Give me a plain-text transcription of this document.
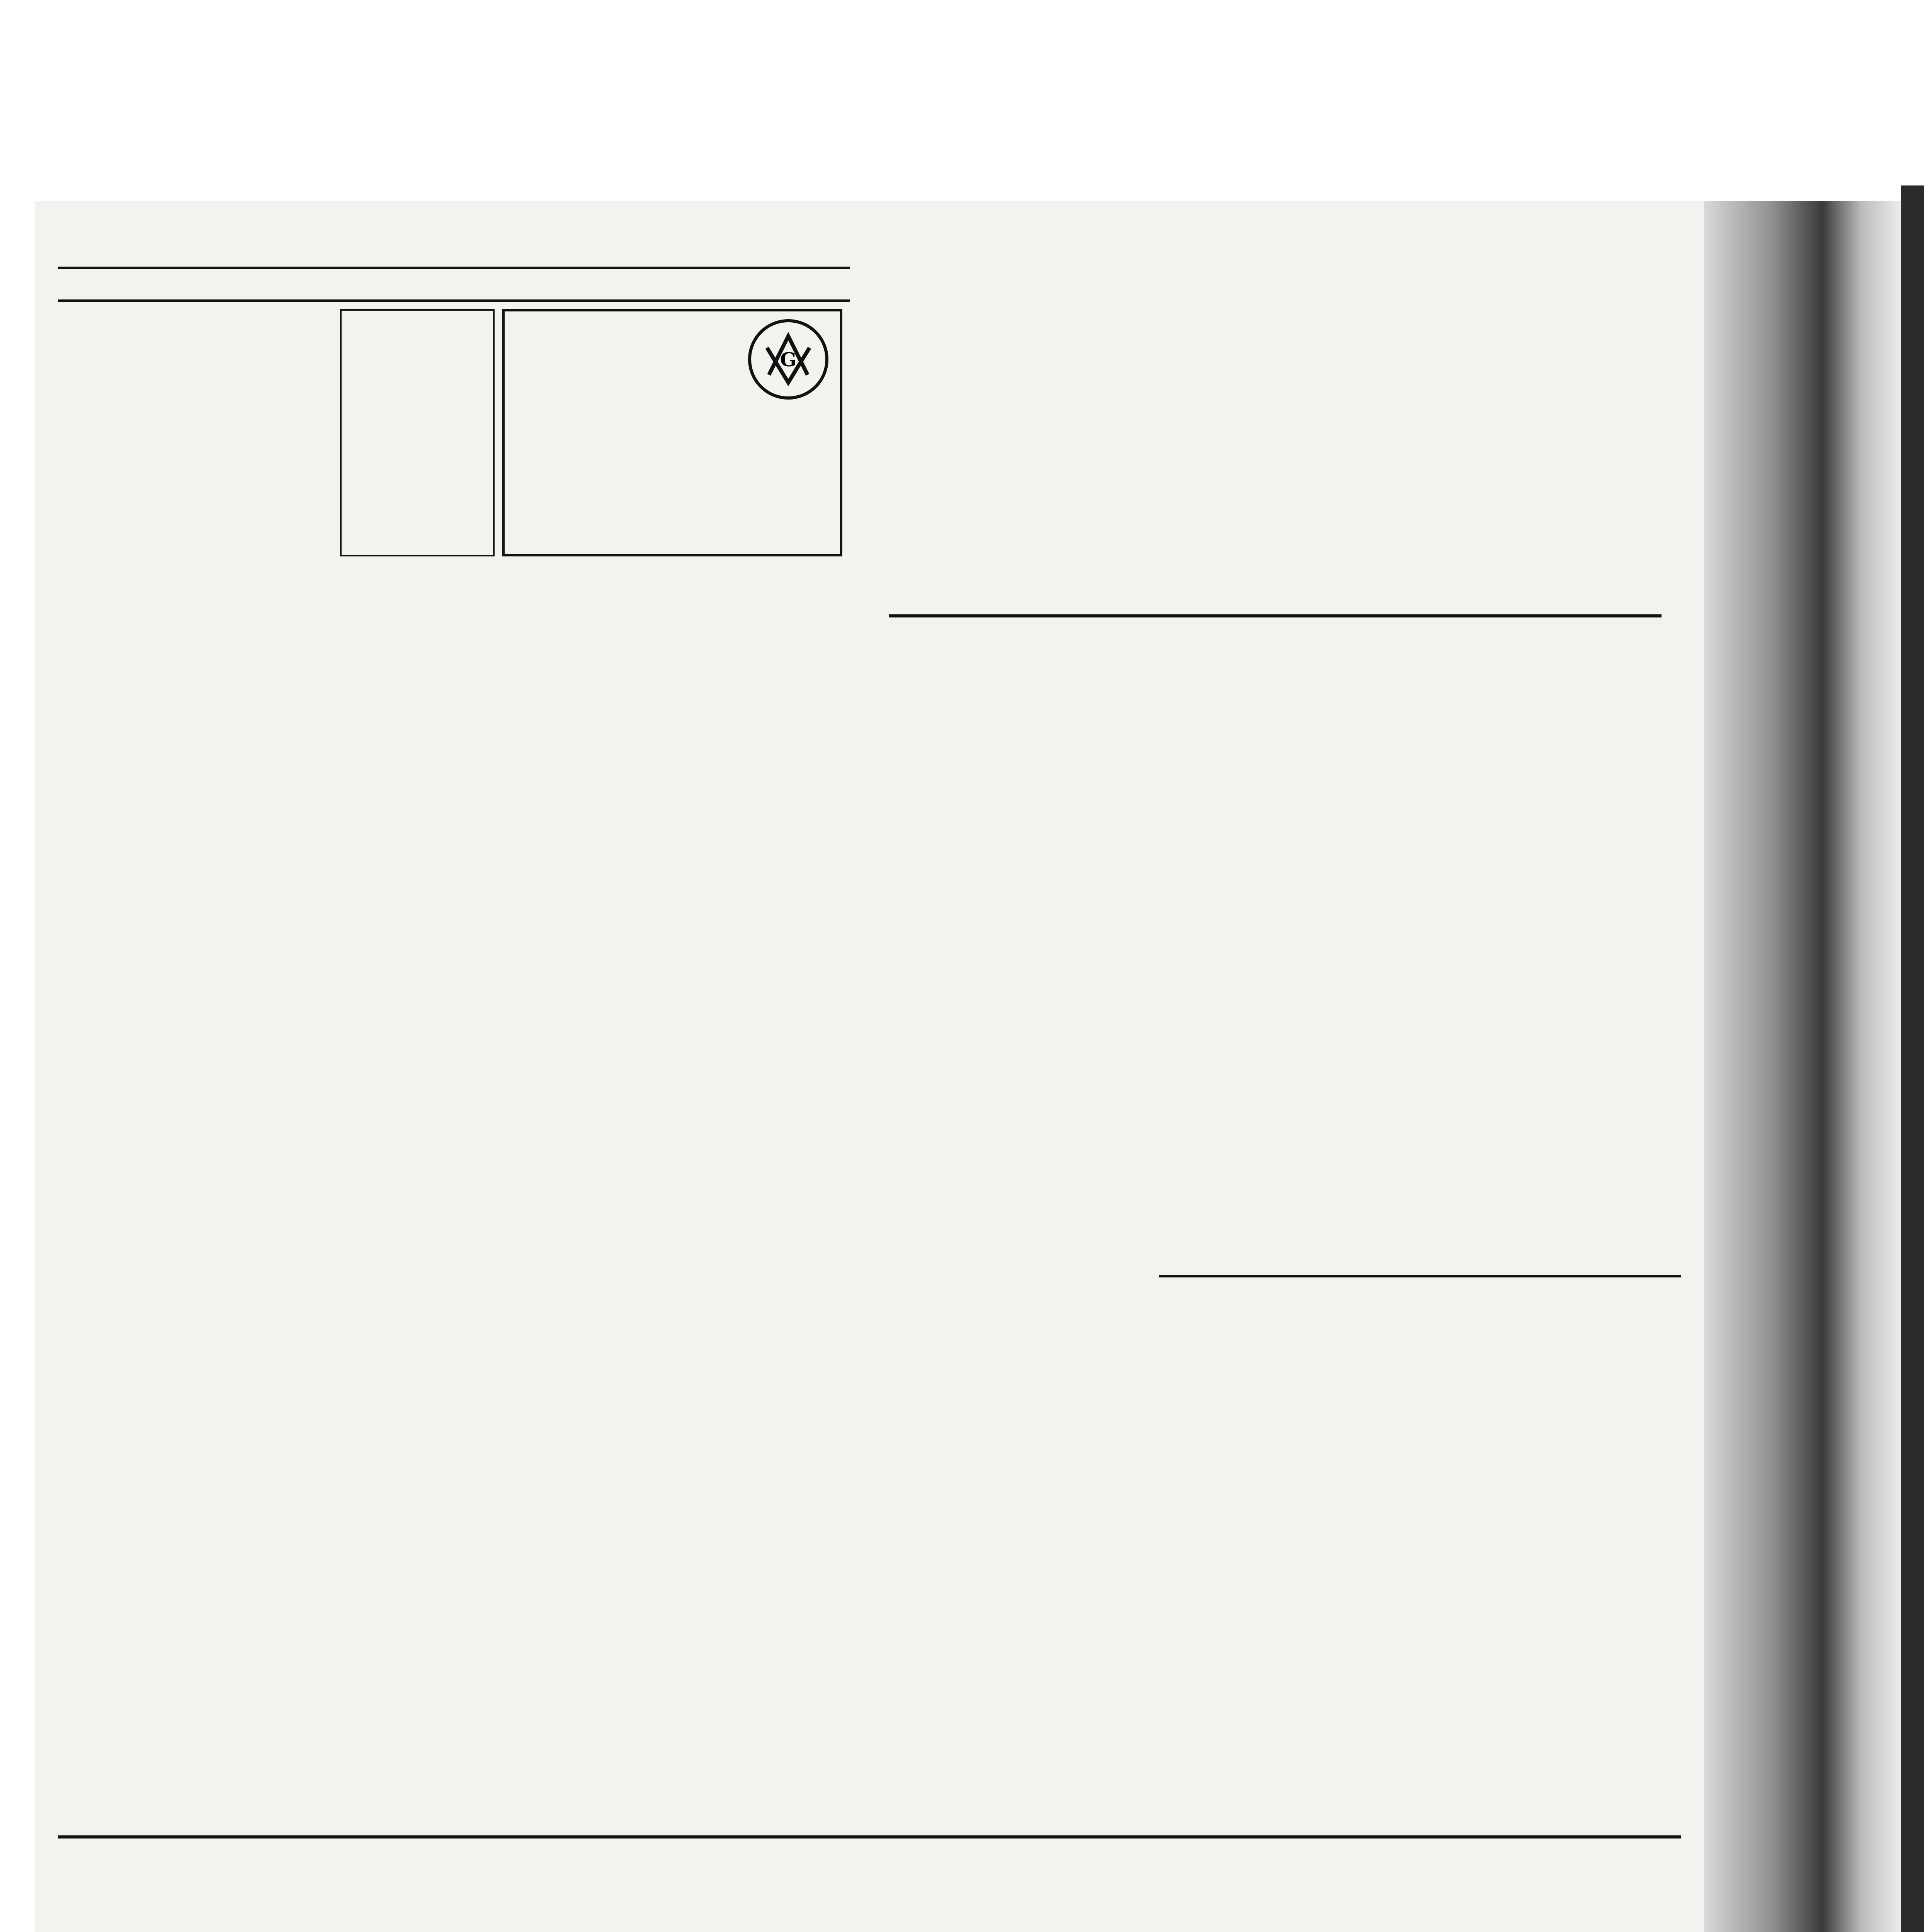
G
